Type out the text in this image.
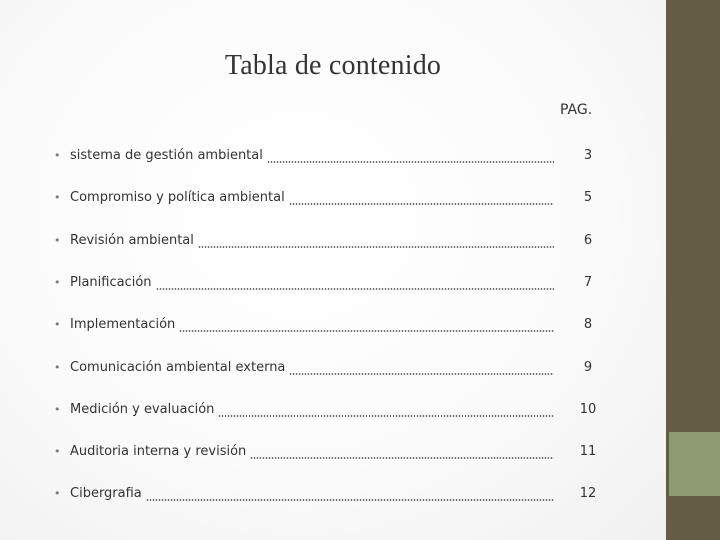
Tabla de contenido
PAG.
• sistema de gestión ambiental	3
• Compromiso y política ambiental	5
• Revisión ambiental	6
• Planificación	7
• Implementación	8
• Comunicación ambiental externa	9
• Medición y evaluación	10
• Auditoria interna y revisión	11
• Cibergrafia	12
